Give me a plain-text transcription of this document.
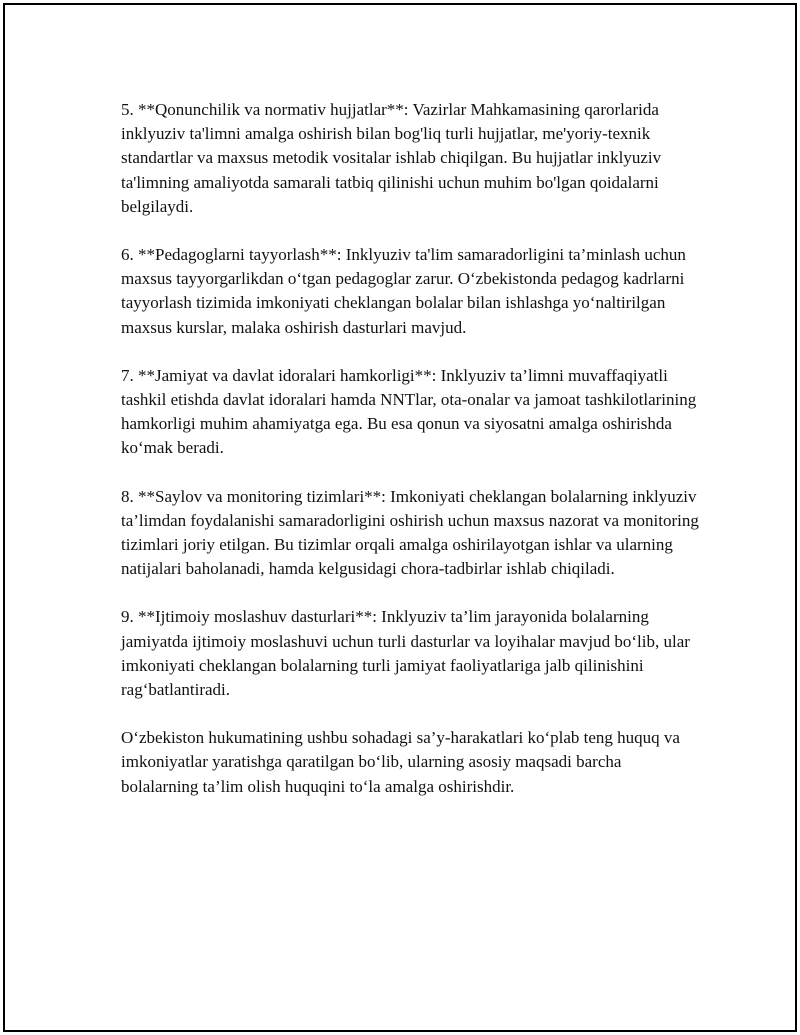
5. **Qonunchilik va normativ hujjatlar**: Vazirlar Mahkamasining qarorlarida inklyuziv ta'limni amalga oshirish bilan bog'liq turli hujjatlar, me'yoriy-texnik standartlar va maxsus metodik vositalar ishlab chiqilgan. Bu hujjatlar inklyuziv ta'limning amaliyotda samarali tatbiq qilinishi uchun muhim bo'lgan qoidalarni belgilaydi.

6. **Pedagoglarni tayyorlash**: Inklyuziv ta'lim samaradorligini ta’minlash uchun maxsus tayyorgarlikdan o‘tgan pedagoglar zarur. O‘zbekistonda pedagog kadrlarni tayyorlash tizimida imkoniyati cheklangan bolalar bilan ishlashga yo‘naltirilgan maxsus kurslar, malaka oshirish dasturlari mavjud.

7. **Jamiyat va davlat idoralari hamkorligi**: Inklyuziv ta’limni muvaffaqiyatli tashkil etishda davlat idoralari hamda NNTlar, ota-onalar va jamoat tashkilotlarining hamkorligi muhim ahamiyatga ega. Bu esa qonun va siyosatni amalga oshirishda ko‘mak beradi.

8. **Saylov va monitoring tizimlari**: Imkoniyati cheklangan bolalarning inklyuziv ta’limdan foydalanishi samaradorligini oshirish uchun maxsus nazorat va monitoring tizimlari joriy etilgan. Bu tizimlar orqali amalga oshirilayotgan ishlar va ularning natijalari baholanadi, hamda kelgusidagi chora-tadbirlar ishlab chiqiladi.

9. **Ijtimoiy moslashuv dasturlari**: Inklyuziv ta’lim jarayonida bolalarning jamiyatda ijtimoiy moslashuvi uchun turli dasturlar va loyihalar mavjud bo‘lib, ular imkoniyati cheklangan bolalarning turli jamiyat faoliyatlariga jalb qilinishini rag‘batlantiradi.

O‘zbekiston hukumatining ushbu sohadagi sa’y-harakatlari ko‘plab teng huquq va imkoniyatlar yaratishga qaratilgan bo‘lib, ularning asosiy maqsadi barcha bolalarning ta’lim olish huquqini to‘la amalga oshirishdir.
